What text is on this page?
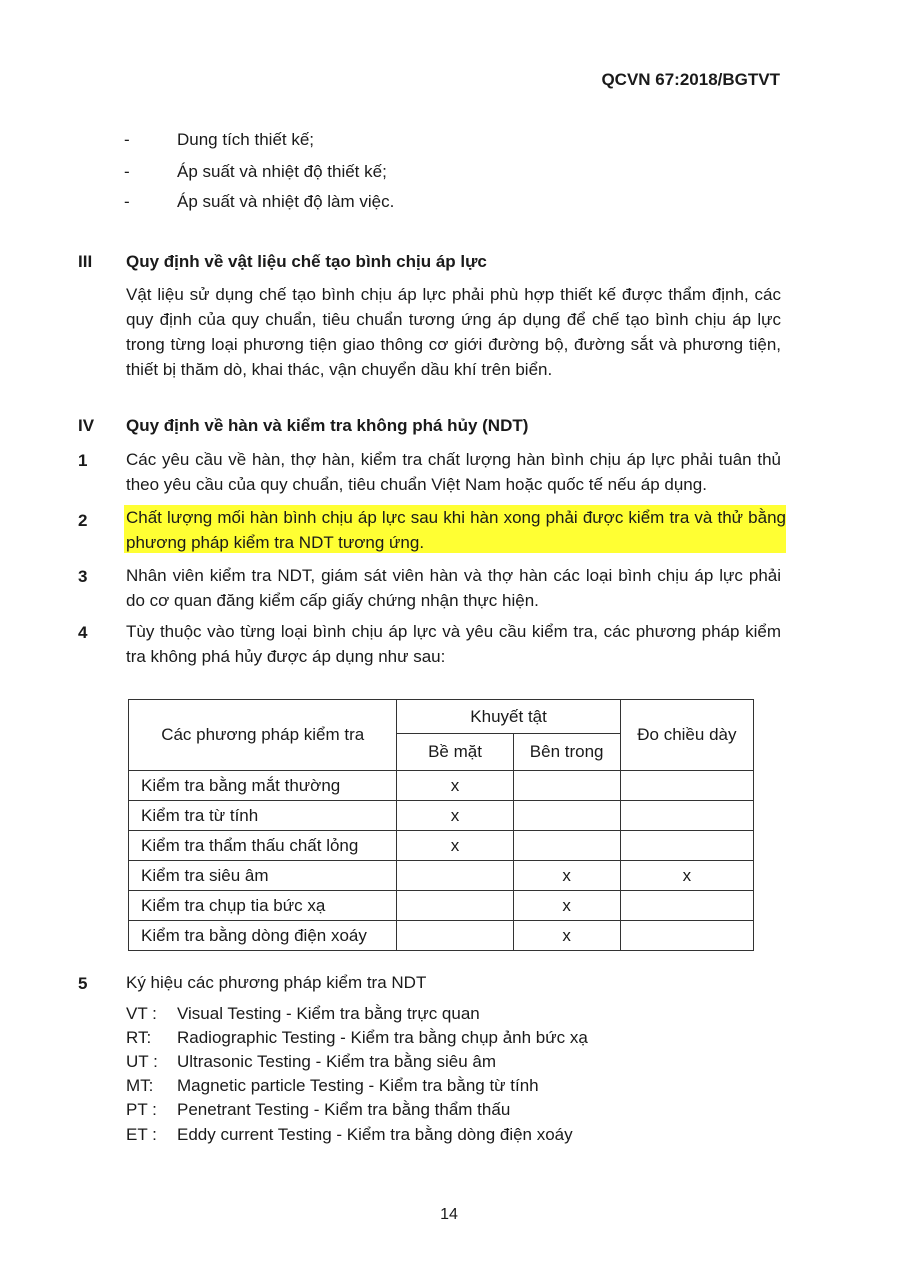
QCVN 67:2018/BGTVT
-	Dung tích thiết kế;
-	Áp suất và nhiệt độ thiết kế;
-	Áp suất và nhiệt độ làm việc.
III Quy định về vật liệu chế tạo bình chịu áp lực
Vật liệu sử dụng chế tạo bình chịu áp lực phải phù hợp thiết kế được thẩm định, các quy định của quy chuẩn, tiêu chuẩn tương ứng áp dụng để chế tạo bình chịu áp lực trong từng loại phương tiện giao thông cơ giới đường bộ, đường sắt và phương tiện, thiết bị thăm dò, khai thác, vận chuyển dầu khí trên biển.
IV Quy định về hàn và kiểm tra không phá hủy (NDT)
1 Các yêu cầu về hàn, thợ hàn, kiểm tra chất lượng hàn bình chịu áp lực phải tuân thủ theo yêu cầu của quy chuẩn, tiêu chuẩn Việt Nam hoặc quốc tế nếu áp dụng.
2 Chất lượng mối hàn bình chịu áp lực sau khi hàn xong phải được kiểm tra và thử bằng phương pháp kiểm tra NDT tương ứng.
3 Nhân viên kiểm tra NDT, giám sát viên hàn và thợ hàn các loại bình chịu áp lực phải do cơ quan đăng kiểm cấp giấy chứng nhận thực hiện.
4 Tùy thuộc vào từng loại bình chịu áp lực và yêu cầu kiểm tra, các phương pháp kiểm tra không phá hủy được áp dụng như sau:
Các phương pháp kiểm tra	Khuyết tật		Đo chiều dày
	Bề mặt	Bên trong	
Kiểm tra bằng mắt thường	x		
Kiểm tra từ tính	x		
Kiểm tra thẩm thấu chất lỏng	x		
Kiểm tra siêu âm		x	x
Kiểm tra chụp tia bức xạ		x	
Kiểm tra bằng dòng điện xoáy		x	
5 Ký hiệu các phương pháp kiểm tra NDT
VT : Visual Testing - Kiểm tra bằng trực quan
RT: Radiographic Testing - Kiểm tra bằng chụp ảnh bức xạ
UT : Ultrasonic Testing - Kiểm tra bằng siêu âm
MT: Magnetic particle Testing - Kiểm tra bằng từ tính
PT : Penetrant Testing - Kiểm tra bằng thẩm thấu
ET : Eddy current Testing - Kiểm tra bằng dòng điện xoáy
14
